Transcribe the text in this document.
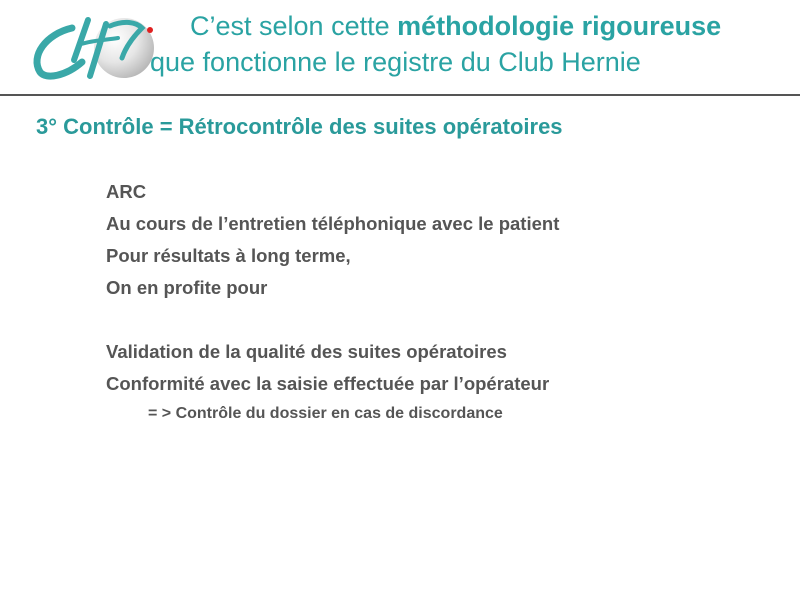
C’est selon cette méthodologie rigoureuse
que fonctionne le registre du Club Hernie
3° Contrôle = Rétrocontrôle des suites opératoires
ARC
Au cours de l’entretien téléphonique avec le patient
Pour résultats à long terme,
On en profite pour
Validation de la qualité des suites opératoires
Conformité avec la saisie effectuée par l’opérateur
= > Contrôle du dossier en cas de discordance
